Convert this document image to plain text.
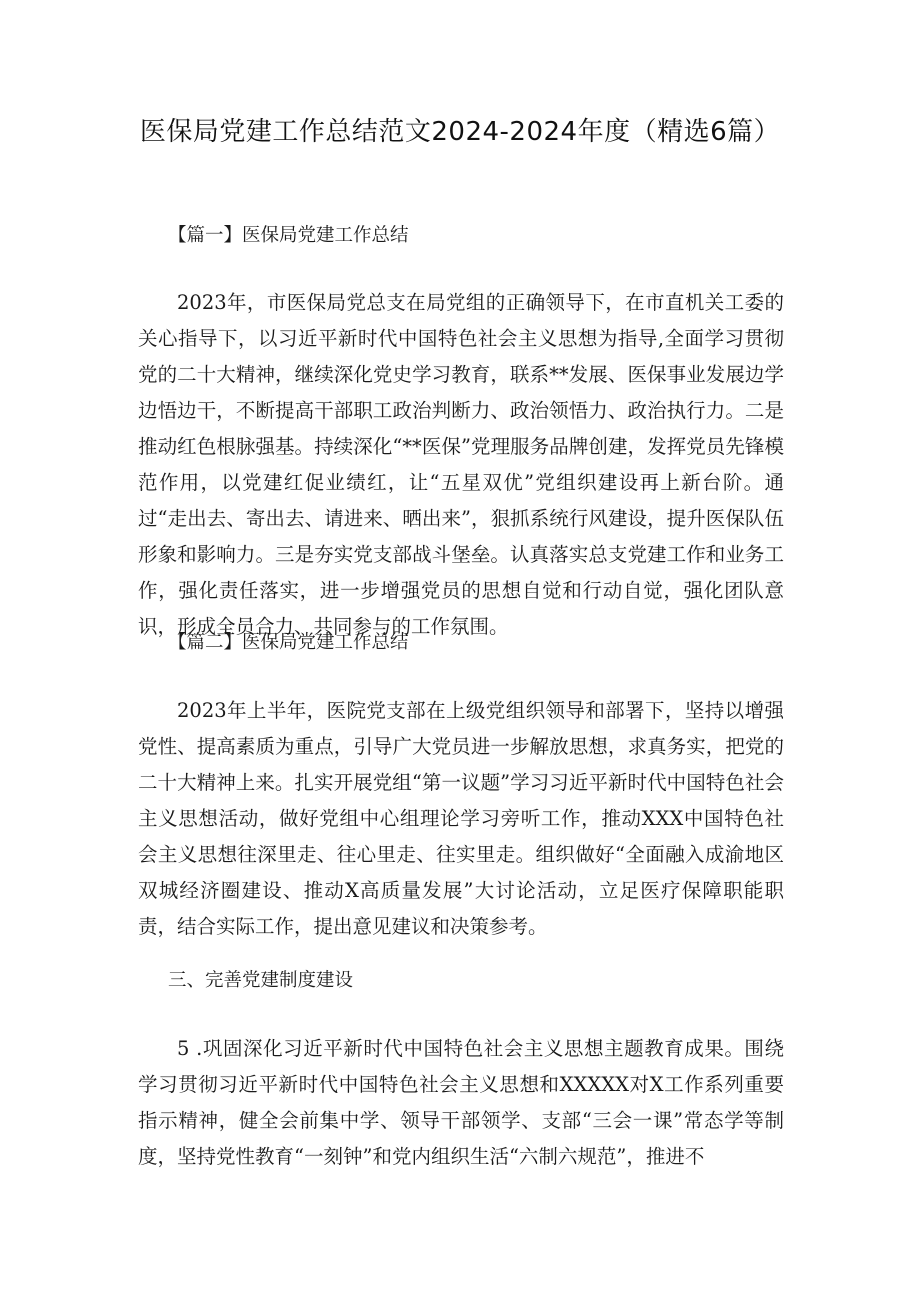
医保局党建工作总结范文2024-2024年度（精选6篇）
【篇一】医保局党建工作总结

2023年，市医保局党总支在局党组的正确领导下，在市直机关工委的关心指导下，以习近平新时代中国特色社会主义思想为指导,全面学习贯彻党的二十大精神，继续深化党史学习教育，联系**发展、医保事业发展边学边悟边干，不断提高干部职工政治判断力、政治领悟力、政治执行力。二是推动红色根脉强基。持续深化“**医保”党理服务品牌创建，发挥党员先锋模范作用，以党建红促业绩红，让“五星双优”党组织建设再上新台阶。通过“走出去、寄出去、请进来、晒出来”，狠抓系统行风建设，提升医保队伍形象和影响力。三是夯实党支部战斗堡垒。认真落实总支党建工作和业务工作，强化责任落实，进一步增强党员的思想自觉和行动自觉，强化团队意识，形成全员合力、共同参与的工作氛围。

【篇二】医保局党建工作总结

2023年上半年，医院党支部在上级党组织领导和部署下，坚持以增强党性、提高素质为重点，引导广大党员进一步解放思想，求真务实，把党的二十大精神上来。扎实开展党组“第一议题”学习习近平新时代中国特色社会主义思想活动，做好党组中心组理论学习旁听工作，推动XXX中国特色社会主义思想往深里走、往心里走、往实里走。组织做好“全面融入成渝地区双城经济圈建设、推动X高质量发展”大讨论活动，立足医疗保障职能职责，结合实际工作，提出意见建议和决策参考。

三、完善党建制度建设

5 .巩固深化习近平新时代中国特色社会主义思想主题教育成果。围绕学习贯彻习近平新时代中国特色社会主义思想和XXXXX对X工作系列重要指示精神，健全会前集中学、领导干部领学、支部“三会一课”常态学等制度，坚持党性教育“一刻钟”和党内组织生活“六制六规范”，推进不
